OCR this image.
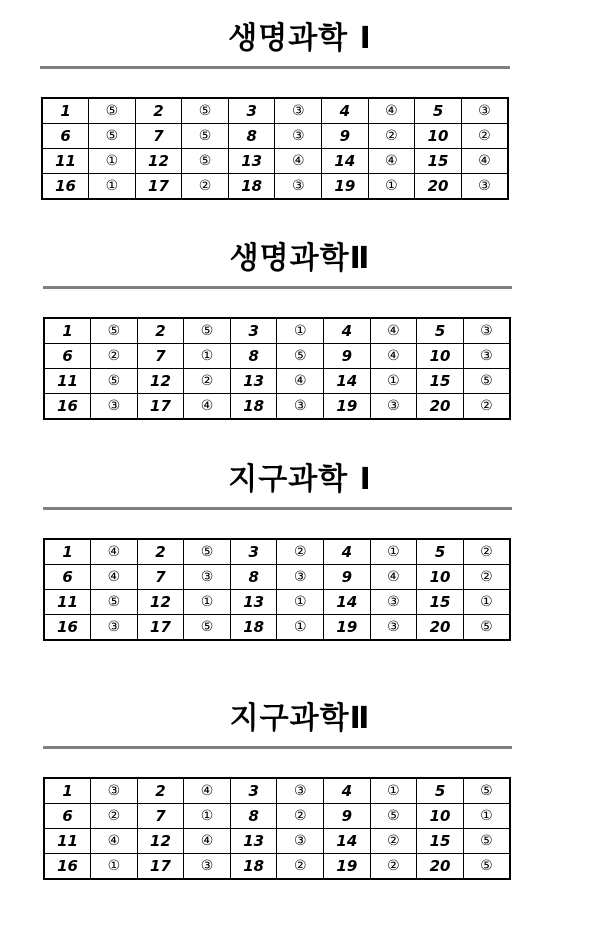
생명과학 Ⅰ
1	⑤	2	⑤	3	③	4	④	5	③
6	⑤	7	⑤	8	③	9	②	10	②
11	①	12	⑤	13	④	14	④	15	④
16	①	17	②	18	③	19	①	20	③
생명과학Ⅱ
1	⑤	2	⑤	3	①	4	④	5	③
6	②	7	①	8	⑤	9	④	10	③
11	⑤	12	②	13	④	14	①	15	⑤
16	③	17	④	18	③	19	③	20	②
지구과학 Ⅰ
1	④	2	⑤	3	②	4	①	5	②
6	④	7	③	8	③	9	④	10	②
11	⑤	12	①	13	①	14	③	15	①
16	③	17	⑤	18	①	19	③	20	⑤
지구과학Ⅱ
1	③	2	④	3	③	4	①	5	⑤
6	②	7	①	8	②	9	⑤	10	①
11	④	12	④	13	③	14	②	15	⑤
16	①	17	③	18	②	19	②	20	⑤
